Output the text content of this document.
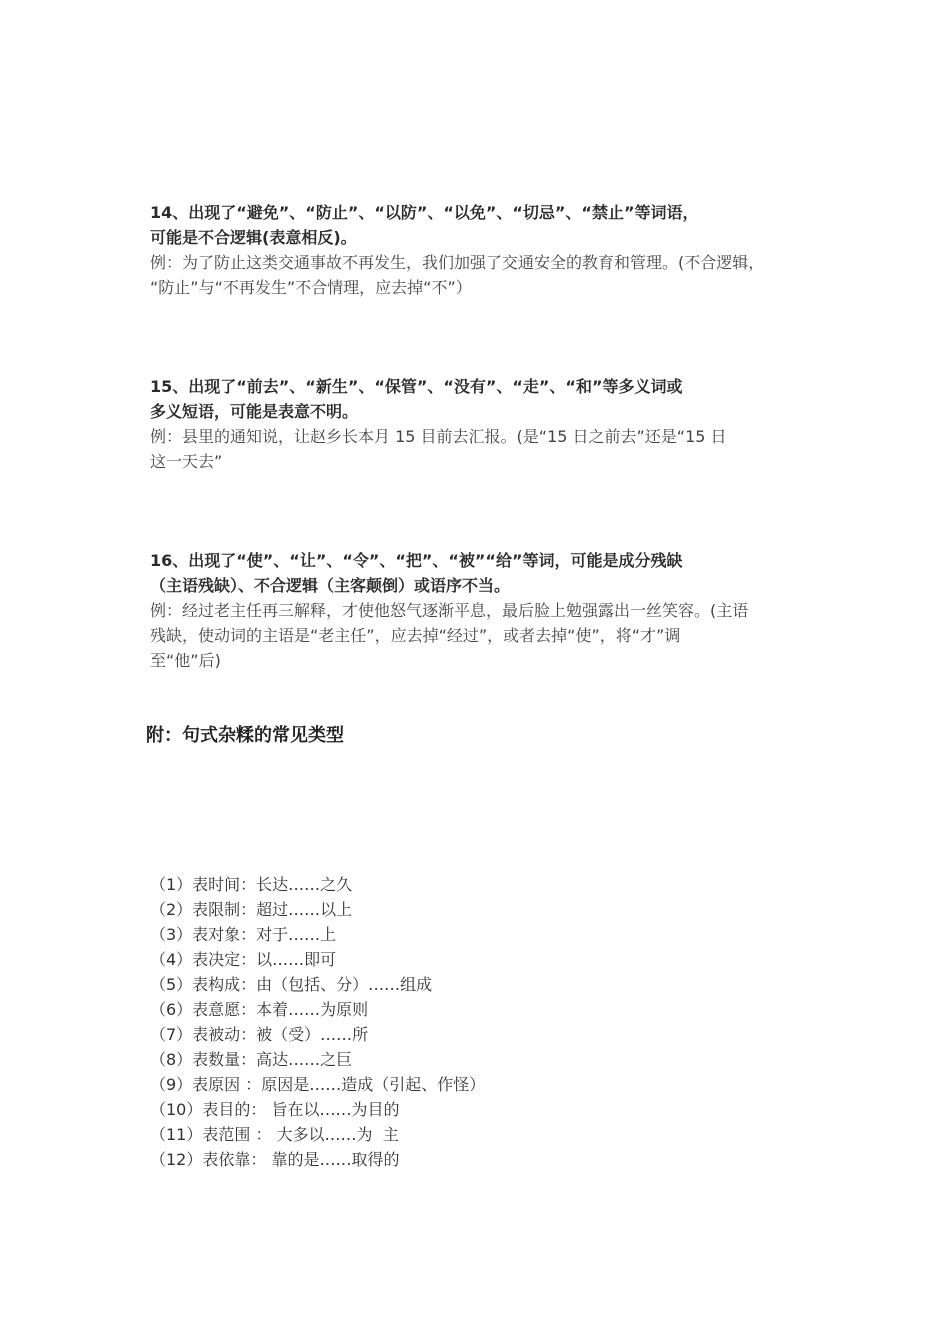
14、出现了“避免”、“防止”、“以防”、“以免”、“切忌”、“禁止”等词语，

可能是不合逻辑(表意相反)。

例：为了防止这类交通事故不再发生，我们加强了交通安全的教育和管理。(不合逻辑，

“防止”与“不再发生”不合情理，应去掉“不”）

15、出现了“前去”、“新生”、“保管”、“没有”、“走”、“和”等多义词或

多义短语，可能是表意不明。

例：县里的通知说，让赵乡长本月 15 目前去汇报。(是“15 日之前去”还是“15 日

这一天去”

16、出现了“使”、“让”、“令”、“把”、“被”“给”等词，可能是成分残缺

（主语残缺）、不合逻辑（主客颠倒）或语序不当。

例：经过老主任再三解释，才使他怒气逐渐平息，最后脸上勉强露出一丝笑容。(主语

残缺，使动词的主语是“老主任”，应去掉“经过”，或者去掉“使”，将“才”调

至“他”后)

附：句式杂糅的常见类型

（1）表时间：长达……之久
（2）表限制：超过……以上
（3）表对象：对于……上
（4）表决定：以……即可
（5）表构成：由（包括、分）……组成
（6）表意愿：本着……为原则
（7）表被动：被（受）……所
（8）表数量：高达……之巨
（9）表原因 ：原因是……造成（引起、作怪）
（10）表目的： 旨在以……为目的
（11）表范围 ： 大多以……为  主
（12）表依靠： 靠的是……取得的
